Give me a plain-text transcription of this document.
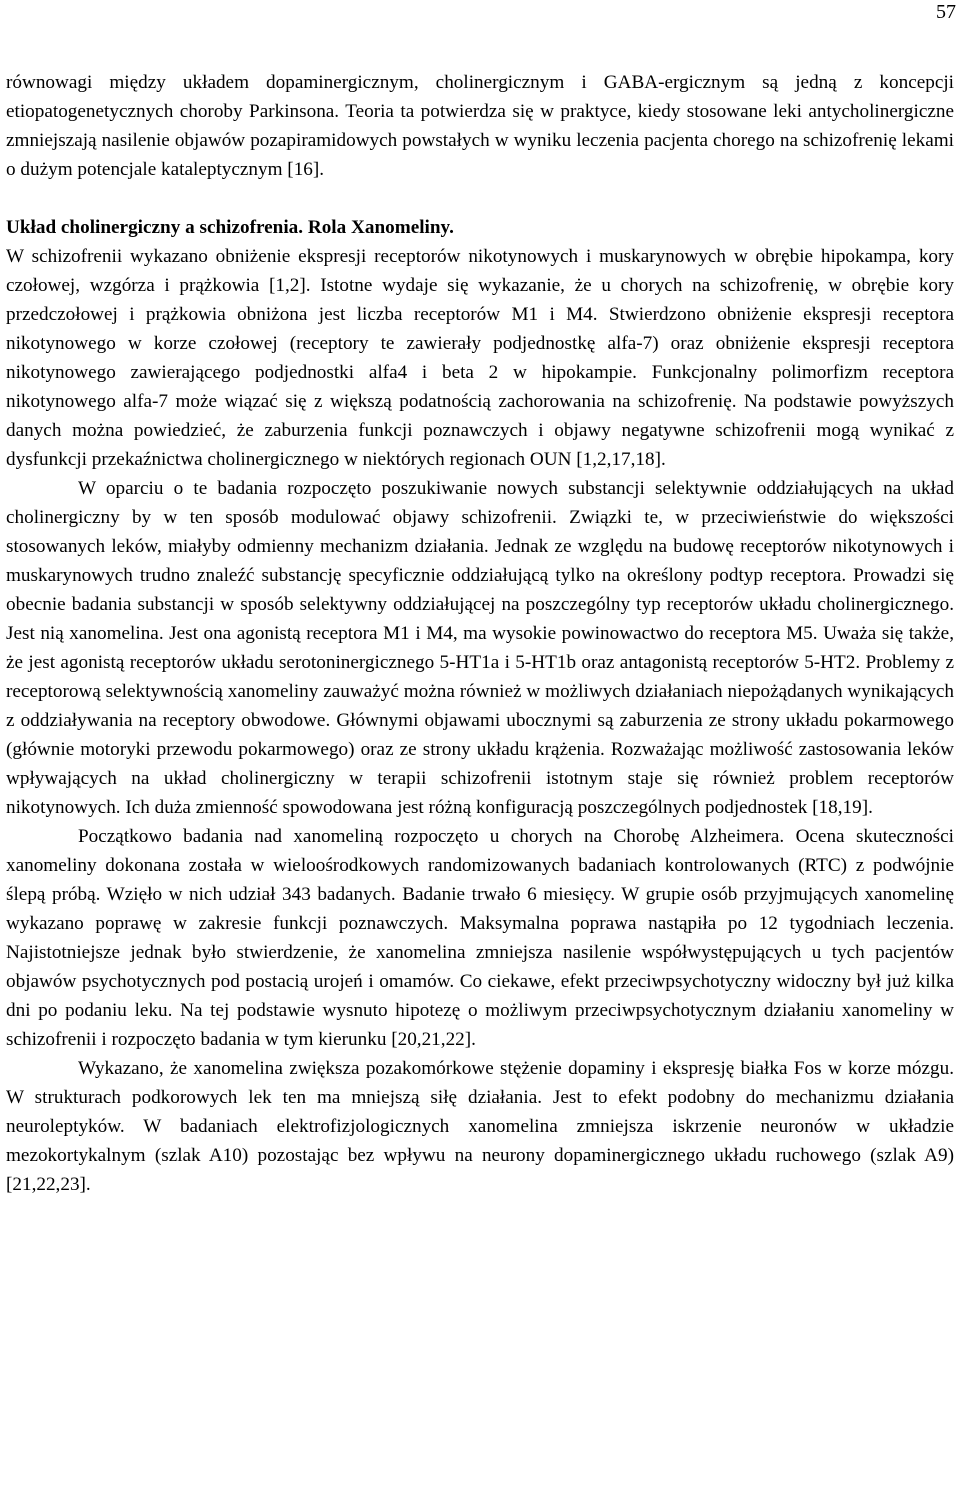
57

równowagi między układem dopaminergicznym, cholinergicznym i GABA-ergicznym są jedną z koncepcji etiopatogenetycznych choroby Parkinsona. Teoria ta potwierdza się w praktyce, kiedy stosowane leki antycholinergiczne zmniejszają nasilenie objawów pozapiramidowych powstałych w wyniku leczenia pacjenta chorego na schizofrenię lekami o dużym potencjale kataleptycznym [16].

Układ cholinergiczny a schizofrenia. Rola Xanomeliny.

W schizofrenii wykazano obniżenie ekspresji receptorów nikotynowych i muskarynowych w obrębie hipokampa, kory czołowej, wzgórza i prążkowia [1,2]. Istotne wydaje się wykazanie, że u chorych na schizofrenię, w obrębie kory przedczołowej i prążkowia obniżona jest liczba receptorów M1 i M4. Stwierdzono obniżenie ekspresji receptora nikotynowego w korze czołowej (receptory te zawierały podjednostkę alfa-7) oraz obniżenie ekspresji receptora nikotynowego zawierającego podjednostki alfa4 i beta 2 w hipokampie. Funkcjonalny polimorfizm receptora nikotynowego alfa-7 może wiązać się z większą podatnością zachorowania na schizofrenię. Na podstawie powyższych danych można powiedzieć, że zaburzenia funkcji poznawczych i objawy negatywne schizofrenii mogą wynikać z dysfunkcji przekaźnictwa cholinergicznego w niektórych regionach OUN [1,2,17,18].

W oparciu o te badania rozpoczęto poszukiwanie nowych substancji selektywnie oddziałujących na układ cholinergiczny by w ten sposób modulować objawy schizofrenii. Związki te, w przeciwieństwie do większości stosowanych leków, miałyby odmienny mechanizm działania. Jednak ze względu na budowę receptorów nikotynowych i muskarynowych trudno znaleźć substancję specyficznie oddziałującą tylko na określony podtyp receptora. Prowadzi się obecnie badania substancji w sposób selektywny oddziałującej na poszczególny typ receptorów układu cholinergicznego. Jest nią xanomelina. Jest ona agonistą receptora M1 i M4, ma wysokie powinowactwo do receptora M5. Uważa się także, że jest agonistą receptorów układu serotoninergicznego 5-HT1a i 5-HT1b oraz antagonistą receptorów 5-HT2. Problemy z receptorową selektywnością xanomeliny zauważyć można również w możliwych działaniach niepożądanych wynikających z oddziaływania na receptory obwodowe. Głównymi objawami ubocznymi są zaburzenia ze strony układu pokarmowego (głównie motoryki przewodu pokarmowego) oraz ze strony układu krążenia. Rozważając możliwość zastosowania leków wpływających na układ cholinergiczny w terapii schizofrenii istotnym staje się również problem receptorów nikotynowych. Ich duża zmienność spowodowana jest różną konfiguracją poszczególnych podjednostek [18,19].

Początkowo badania nad xanomeliną rozpoczęto u chorych na Chorobę Alzheimera. Ocena skuteczności xanomeliny dokonana została w wieloośrodkowych randomizowanych badaniach kontrolowanych (RTC) z podwójnie ślepą próbą. Wzięło w nich udział 343 badanych. Badanie trwało 6 miesięcy. W grupie osób przyjmujących xanomelinę wykazano poprawę w zakresie funkcji poznawczych. Maksymalna poprawa nastąpiła po 12 tygodniach leczenia. Najistotniejsze jednak było stwierdzenie, że xanomelina zmniejsza nasilenie współwystępujących u tych pacjentów objawów psychotycznych pod postacią urojeń i omamów. Co ciekawe, efekt przeciwpsychotyczny widoczny był już kilka dni po podaniu leku. Na tej podstawie wysnuto hipotezę o możliwym przeciwpsychotycznym działaniu xanomeliny w schizofrenii i rozpoczęto badania w tym kierunku [20,21,22].

Wykazano, że xanomelina zwiększa pozakomórkowe stężenie dopaminy i ekspresję białka Fos w korze mózgu. W strukturach podkorowych lek ten ma mniejszą siłę działania. Jest to efekt podobny do mechanizmu działania neuroleptyków. W badaniach elektrofizjologicznych xanomelina zmniejsza iskrzenie neuronów w układzie mezokortykalnym (szlak A10) pozostając bez wpływu na neurony dopaminergicznego układu ruchowego (szlak A9) [21,22,23].
